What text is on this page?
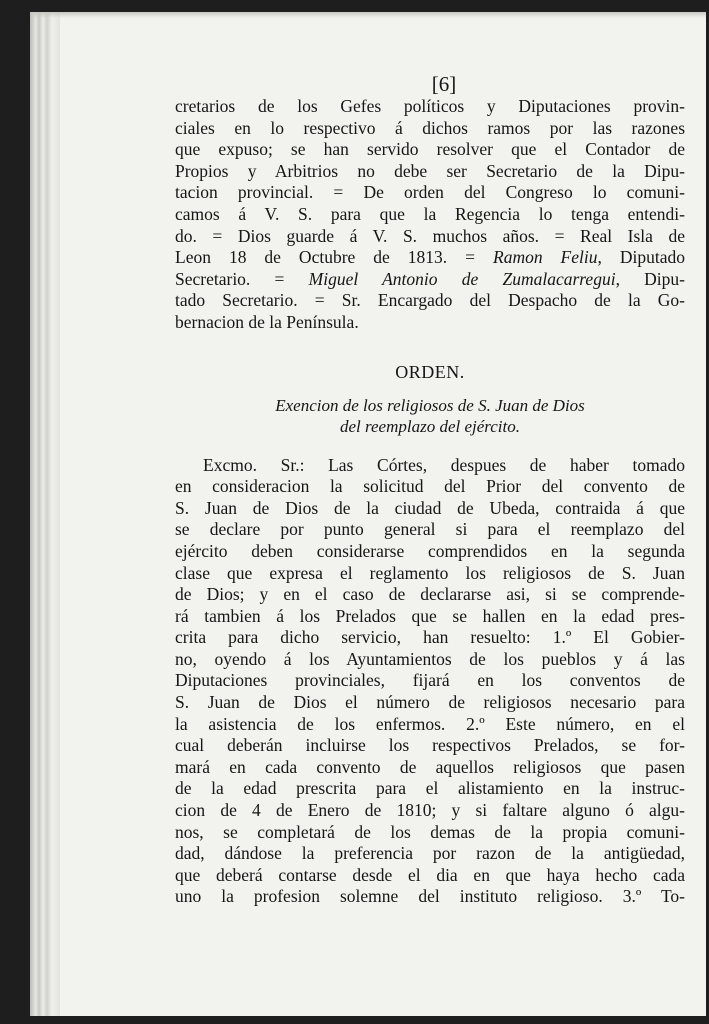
[6]
cretarios de los Gefes políticos y Diputaciones provin-
ciales en lo respectivo á dichos ramos por las razones
que expuso; se han servido resolver que el Contador de
Propios y Arbitrios no debe ser Secretario de la Dipu-
tacion provincial. = De orden del Congreso lo comuni-
camos á V. S. para que la Regencia lo tenga entendi-
do. = Dios guarde á V. S. muchos años. = Real Isla de
Leon 18 de Octubre de 1813. = Ramon Feliu, Diputado
Secretario. = Miguel Antonio de Zumalacarregui, Dipu-
tado Secretario. = Sr. Encargado del Despacho de la Go-
bernacion de la Península.
ORDEN.
Exencion de los religiosos de S. Juan de Dios
del reemplazo del ejército.
Excmo. Sr.: Las Córtes, despues de haber tomado
en consideracion la solicitud del Prior del convento de
S. Juan de Dios de la ciudad de Ubeda, contraida á que
se declare por punto general si para el reemplazo del
ejército deben considerarse comprendidos en la segunda
clase que expresa el reglamento los religiosos de S. Juan
de Dios; y en el caso de declararse asi, si se comprende-
rá tambien á los Prelados que se hallen en la edad pres-
crita para dicho servicio, han resuelto: 1.º El Gobier-
no, oyendo á los Ayuntamientos de los pueblos y á las
Diputaciones provinciales, fijará en los conventos de
S. Juan de Dios el número de religiosos necesario para
la asistencia de los enfermos. 2.º Este número, en el
cual deberán incluirse los respectivos Prelados, se for-
mará en cada convento de aquellos religiosos que pasen
de la edad prescrita para el alistamiento en la instruc-
cion de 4 de Enero de 1810; y si faltare alguno ó algu-
nos, se completará de los demas de la propia comuni-
dad, dándose la preferencia por razon de la antigüedad,
que deberá contarse desde el dia en que haya hecho cada
uno la profesion solemne del instituto religioso. 3.º To-
